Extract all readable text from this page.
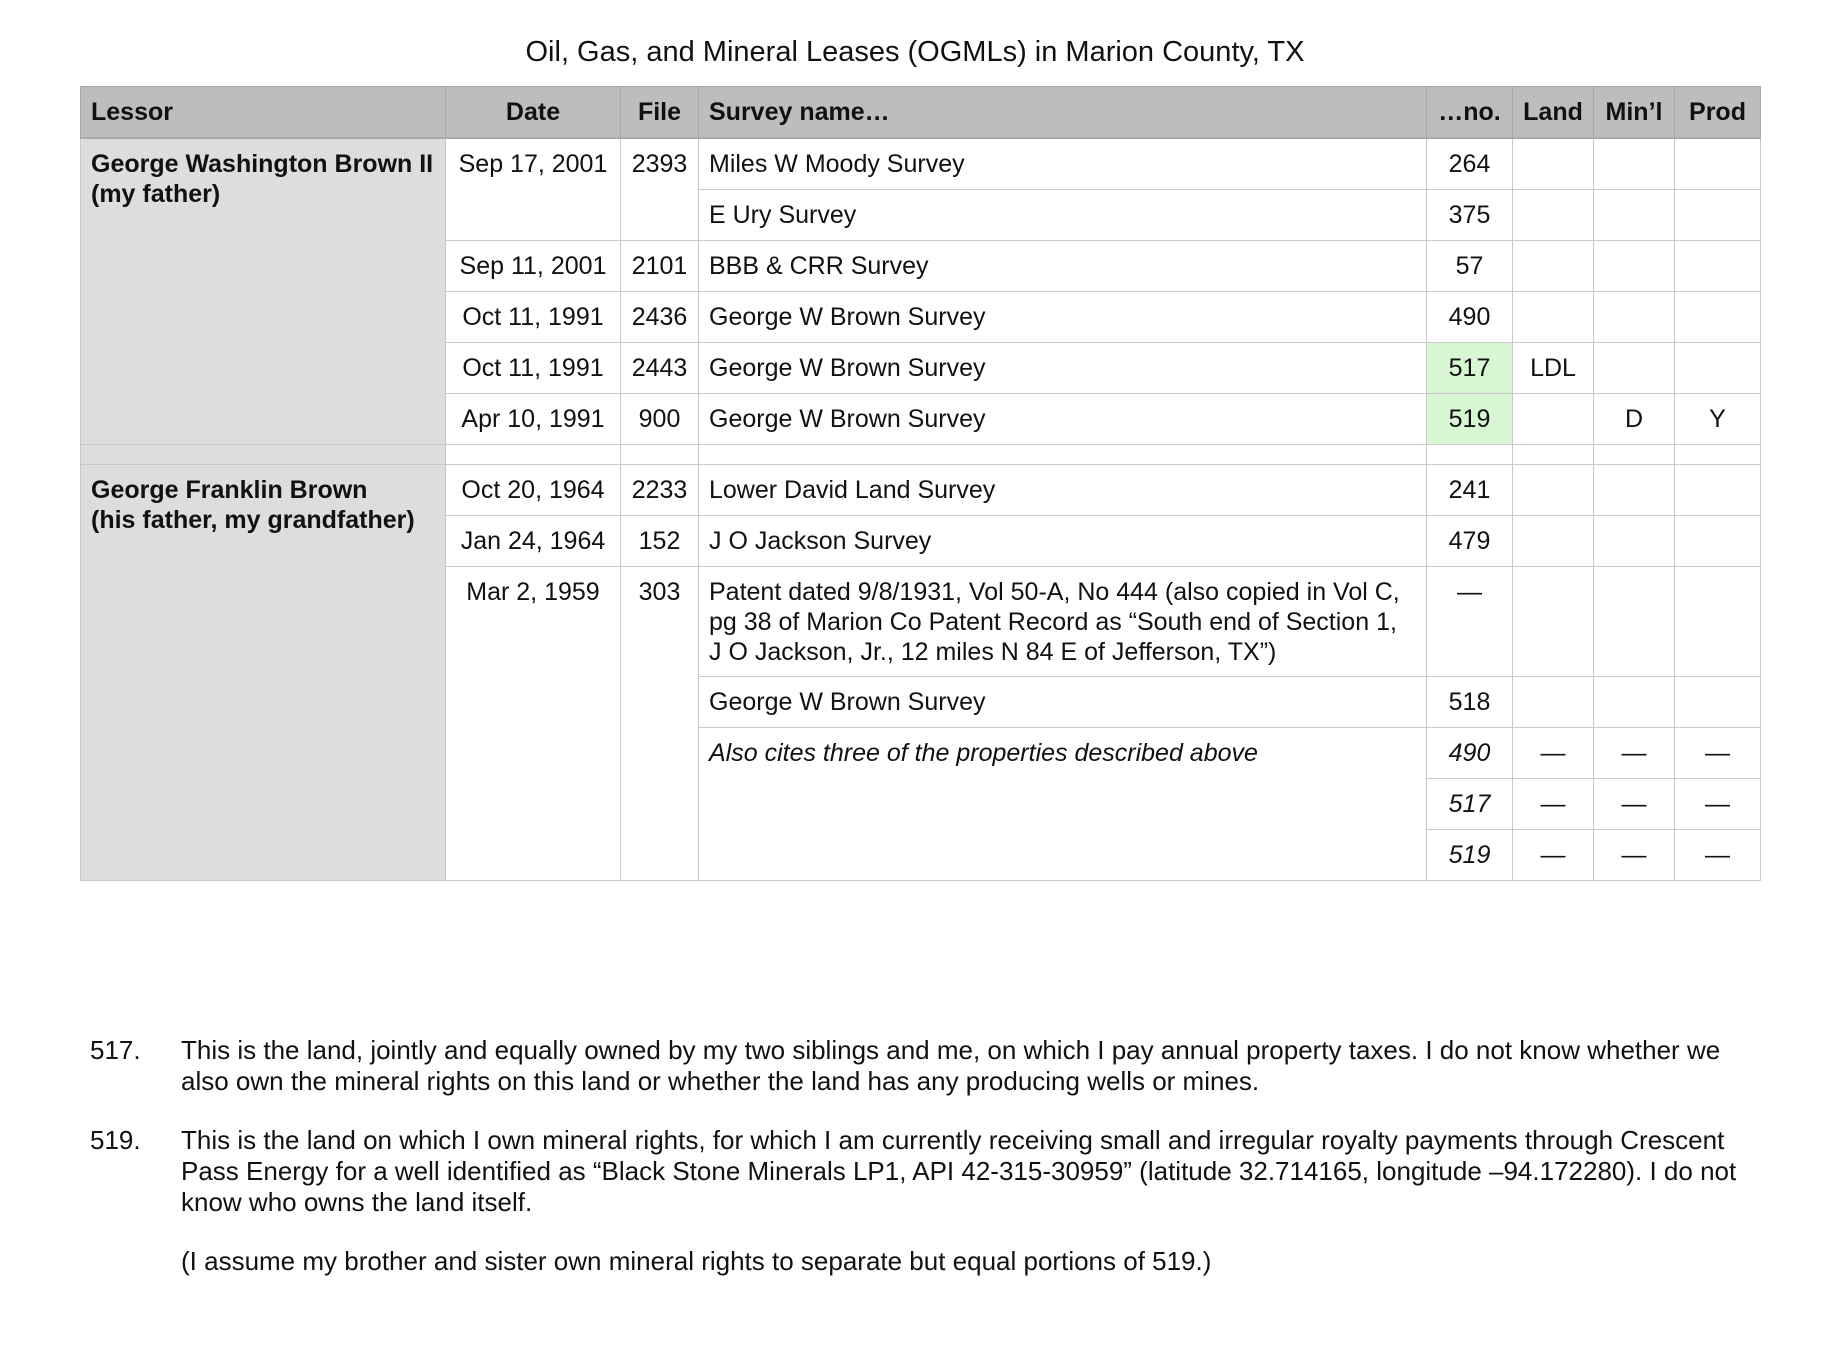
Oil, Gas, and Mineral Leases (OGMLs) in Marion County, TX
Lessor	Date	File	Survey name…	…no.	Land	Min’l	Prod

George Washington Brown II
(my father)	Sep 17, 2001	2393	Miles W Moody Survey	264			
			E Ury Survey	375			
	Sep 11, 2001	2101	BBB & CRR Survey	57			
	Oct 11, 1991	2436	George W Brown Survey	490			
	Oct 11, 1991	2443	George W Brown Survey	517	LDL		
	Apr 10, 1991	900	George W Brown Survey	519		D	Y

George Franklin Brown
(his father, my grandfather)	Oct 20, 1964	2233	Lower David Land Survey	241			
	Jan 24, 1964	152	J O Jackson Survey	479			
	Mar 2, 1959	303	Patent dated 9/8/1931, Vol 50-A, No 444 (also copied in Vol C, pg 38 of Marion Co Patent Record as “South end of Section 1, J O Jackson, Jr., 12 miles N 84 E of Jefferson, TX”)	—			
			George W Brown Survey	518			
			Also cites three of the properties described above	490	—	—	—
				517	—	—	—
				519	—	—	—

517. This is the land, jointly and equally owned by my two siblings and me, on which I pay annual property taxes. I do not know whether we also own the mineral rights on this land or whether the land has any producing wells or mines.

519. This is the land on which I own mineral rights, for which I am currently receiving small and irregular royalty payments through Crescent Pass Energy for a well identified as “Black Stone Minerals LP1, API 42-315-30959” (latitude 32.714165, longitude –94.172280). I do not know who owns the land itself.

(I assume my brother and sister own mineral rights to separate but equal portions of 519.)
